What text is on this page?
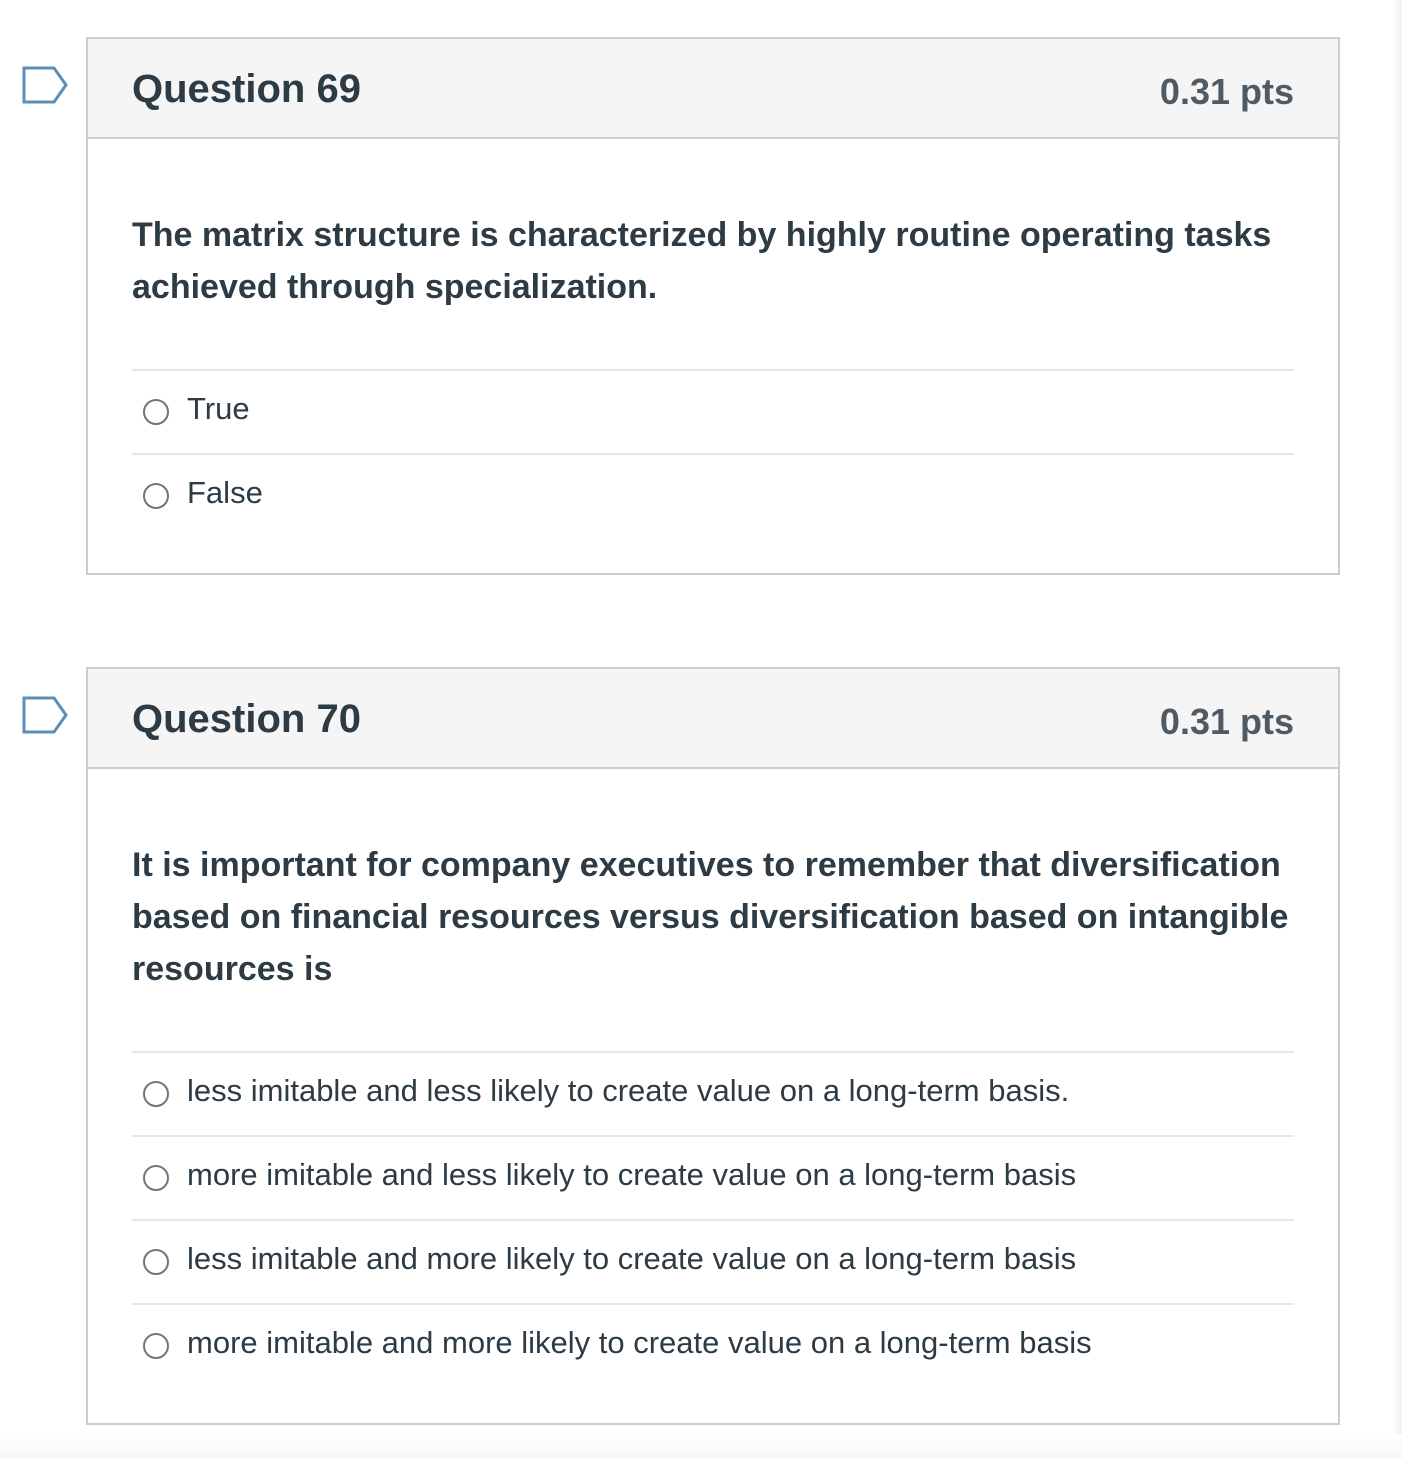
Question 69	0.31 pts
The matrix structure is characterized by highly routine operating tasks achieved through specialization.
True
False
Question 70	0.31 pts
It is important for company executives to remember that diversification based on financial resources versus diversification based on intangible resources is
less imitable and less likely to create value on a long-term basis.
more imitable and less likely to create value on a long-term basis
less imitable and more likely to create value on a long-term basis
more imitable and more likely to create value on a long-term basis
